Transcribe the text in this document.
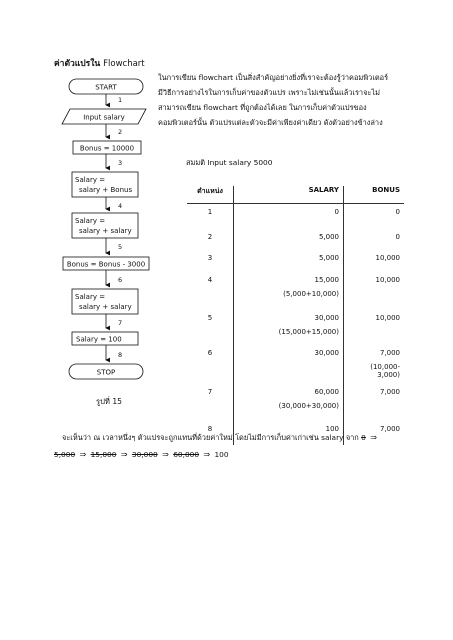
ค่าตัวแปรใน Flowchart
ในการเขียน flowchart เป็นสิ่งสำคัญอย่างยิ่งที่เราจะต้องรู้ว่าคอมพิวเตอร์
มีวิธีการอย่างไรในการเก็บค่าของตัวแปร เพราะไม่เช่นนั้นแล้วเราจะไม่
สามารถเขียน flowchart ที่ถูกต้องได้เลย ในการเก็บค่าตัวแปรของ
คอมพิวเตอร์นั้น ตัวแปรแต่ละตัวจะมีค่าเพียงค่าเดียว ดังตัวอย่างข้างล่าง
START
Input salary
Bonus = 10000
Salary =
salary + Bonus
Salary =
salary + salary
Bonus = Bonus - 3000
Salary =
salary + salary
Salary = 100
STOP
1
2
3
4
5
6
7
8
สมมติ Input salary 5000
ตำแหน่ง	SALARY	BONUS
1	0	0
2	5,000	0
3	5,000	10,000
4	15,000
(5,000+10,000)	10,000
5	30,000
(15,000+15,000)	10,000
6	30,000	7,000
(10,000-3,000)

7	60,000
(30,000+30,000)	7,000
8	100	7,000
รูปที่ 15
จะเห็นว่า ณ เวลาหนึ่งๆ ตัวแปรจะถูกแทนที่ด้วยค่าใหม่ โดยไม่มีการเก็บค่าเก่าเช่น salary จาก 0 ⇒
5,000 ⇒ 15,000 ⇒ 30,000 ⇒ 60,000 ⇒ 100
